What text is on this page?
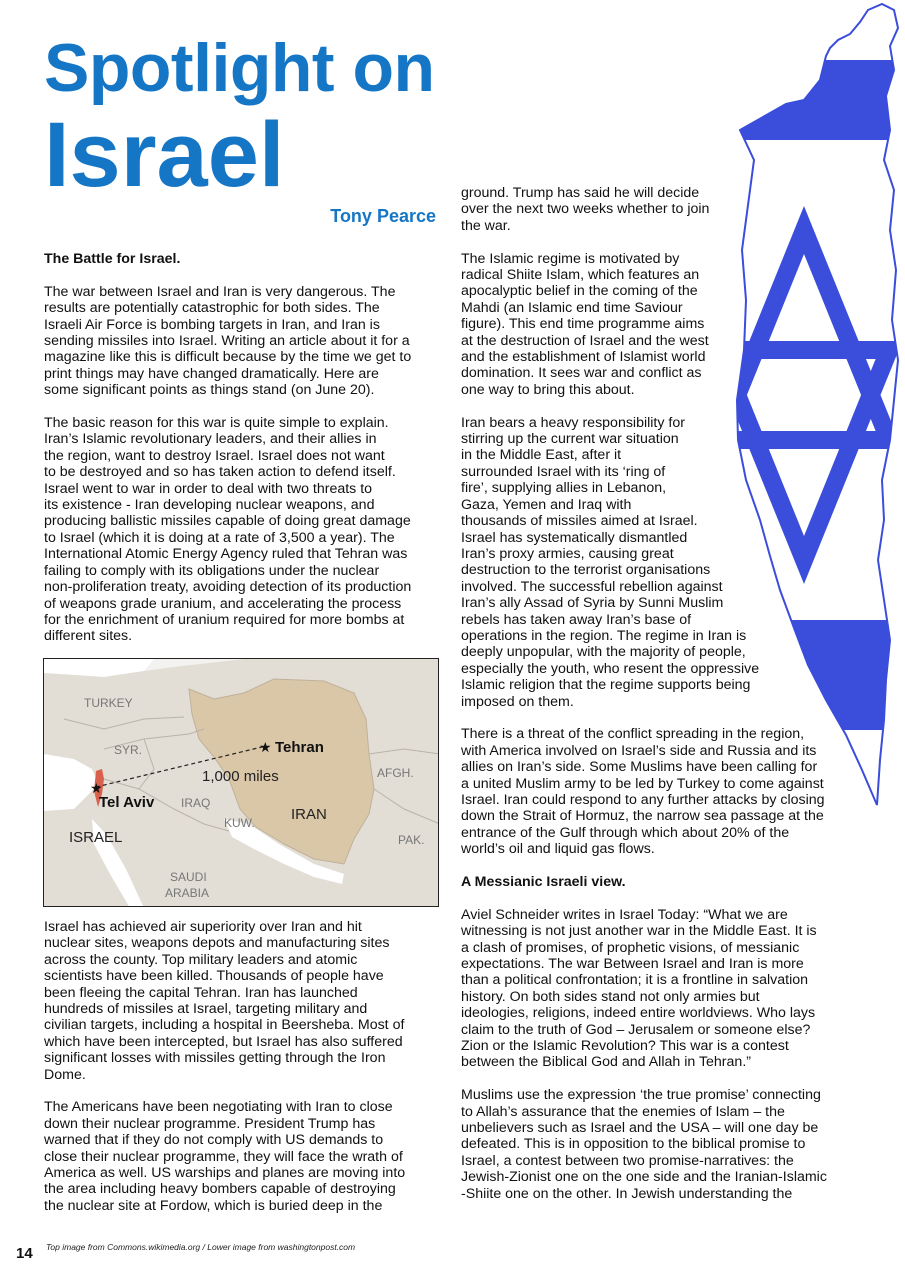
Spotlight on
Israel
Tony Pearce
The Battle for Israel.
The war between Israel and Iran is very dangerous. The
results are potentially catastrophic for both sides. The
Israeli Air Force is bombing targets in Iran, and Iran is
sending missiles into Israel. Writing an article about it for a
magazine like this is difficult because by the time we get to
print things may have changed dramatically. Here are
some significant points as things stand (on June 20).
The basic reason for this war is quite simple to explain.
Iran’s Islamic revolutionary leaders, and their allies in
the region, want to destroy Israel. Israel does not want
to be destroyed and so has taken action to defend itself.
Israel went to war in order to deal with two threats to
its existence - Iran developing nuclear weapons, and
producing ballistic missiles capable of doing great damage
to Israel (which it is doing at a rate of 3,500 a year). The
International Atomic Energy Agency ruled that Tehran was
failing to comply with its obligations under the nuclear
non-proliferation treaty, avoiding detection of its production
of weapons grade uranium, and accelerating the process
for the enrichment of uranium required for more bombs at
different sites.
★
★
TURKEY
SYR.	Tehran
1,000 miles
Tel Aviv IRAQ
KUW. IRAN
ISRAEL
AFGH.
PAK.
SAUDI
ARABIA
Israel has achieved air superiority over Iran and hit
nuclear sites, weapons depots and manufacturing sites
across the county. Top military leaders and atomic
scientists have been killed. Thousands of people have
been fleeing the capital Tehran. Iran has launched
hundreds of missiles at Israel, targeting military and
civilian targets, including a hospital in Beersheba. Most of
which have been intercepted, but Israel has also suffered
significant losses with missiles getting through the Iron
Dome.
The Americans have been negotiating with Iran to close
down their nuclear programme. President Trump has
warned that if they do not comply with US demands to
close their nuclear programme, they will face the wrath of
America as well. US warships and planes are moving into
the area including heavy bombers capable of destroying
the nuclear site at Fordow, which is buried deep in the
ground. Trump has said he will decide
over the next two weeks whether to join
the war.
The Islamic regime is motivated by
radical Shiite Islam, which features an
apocalyptic belief in the coming of the
Mahdi (an Islamic end time Saviour
figure). This end time programme aims
at the destruction of Israel and the west
and the establishment of Islamist world
domination. It sees war and conflict as
one way to bring this about.
Iran bears a heavy responsibility for
stirring up the current war situation
in the Middle East, after it
surrounded Israel with its ‘ring of
fire’, supplying allies in Lebanon,
Gaza, Yemen and Iraq with
thousands of missiles aimed at Israel.
Israel has systematically dismantled
Iran’s proxy armies, causing great
destruction to the terrorist organisations
involved. The successful rebellion against
Iran’s ally Assad of Syria by Sunni Muslim
rebels has taken away Iran’s base of
operations in the region. The regime in Iran is
deeply unpopular, with the majority of people,
especially the youth, who resent the oppressive
Islamic religion that the regime supports being
imposed on them.
There is a threat of the conflict spreading in the region,
with America involved on Israel’s side and Russia and its
allies on Iran’s side. Some Muslims have been calling for
a united Muslim army to be led by Turkey to come against
Israel. Iran could respond to any further attacks by closing
down the Strait of Hormuz, the narrow sea passage at the
entrance of the Gulf through which about 20% of the
world’s oil and liquid gas flows.
A Messianic Israeli view.
Aviel Schneider writes in Israel Today: “What we are
witnessing is not just another war in the Middle East. It is
a clash of promises, of prophetic visions, of messianic
expectations. The war Between Israel and Iran is more
than a political confrontation; it is a frontline in salvation
history. On both sides stand not only armies but
ideologies, religions, indeed entire worldviews. Who lays
claim to the truth of God – Jerusalem or someone else?
Zion or the Islamic Revolution? This war is a contest
between the Biblical God and Allah in Tehran.”
Muslims use the expression ‘the true promise’ connecting
to Allah’s assurance that the enemies of Islam – the
unbelievers such as Israel and the USA – will one day be
defeated. This is in opposition to the biblical promise to
Israel, a contest between two promise-narratives: the
Jewish-Zionist one on the one side and the Iranian-Islamic
-Shiite one on the other. In Jewish understanding the
14 Top image from Commons.wikimedia.org / Lower image from washingtonpost.com
